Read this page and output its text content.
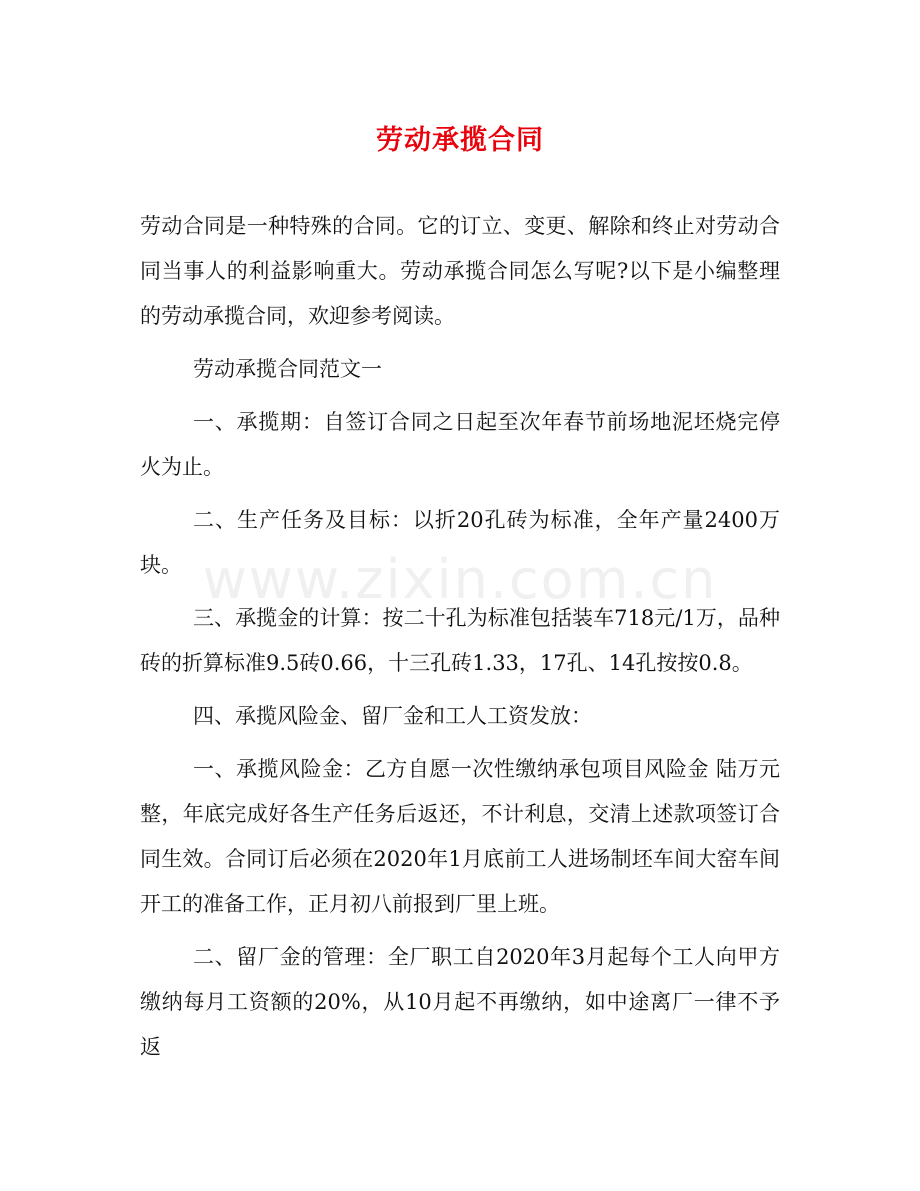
www.zixin.com.cn
劳动承揽合同

劳动合同是一种特殊的合同。它的订立、变更、解除和终止对劳动合同当事人的利益影响重大。劳动承揽合同怎么写呢?以下是小编整理的劳动承揽合同，欢迎参考阅读。

劳动承揽合同范文一

一、承揽期：自签订合同之日起至次年春节前场地泥坯烧完停火为止。

二、生产任务及目标：以折20孔砖为标准，全年产量2400万块。

三、承揽金的计算：按二十孔为标准包括装车718元/1万，品种砖的折算标准9.5砖0.66，十三孔砖1.33，17孔、14孔按按0.8。

四、承揽风险金、留厂金和工人工资发放：

一、承揽风险金：乙方自愿一次性缴纳承包项目风险金 陆万元整，年底完成好各生产任务后返还，不计利息，交清上述款项签订合同生效。合同订后必须在2020年1月底前工人进场制坯车间大窑车间开工的准备工作，正月初八前报到厂里上班。

二、留厂金的管理：全厂职工自2020年3月起每个工人向甲方缴纳每月工资额的20%，从10月起不再缴纳，如中途离厂一律不予返
